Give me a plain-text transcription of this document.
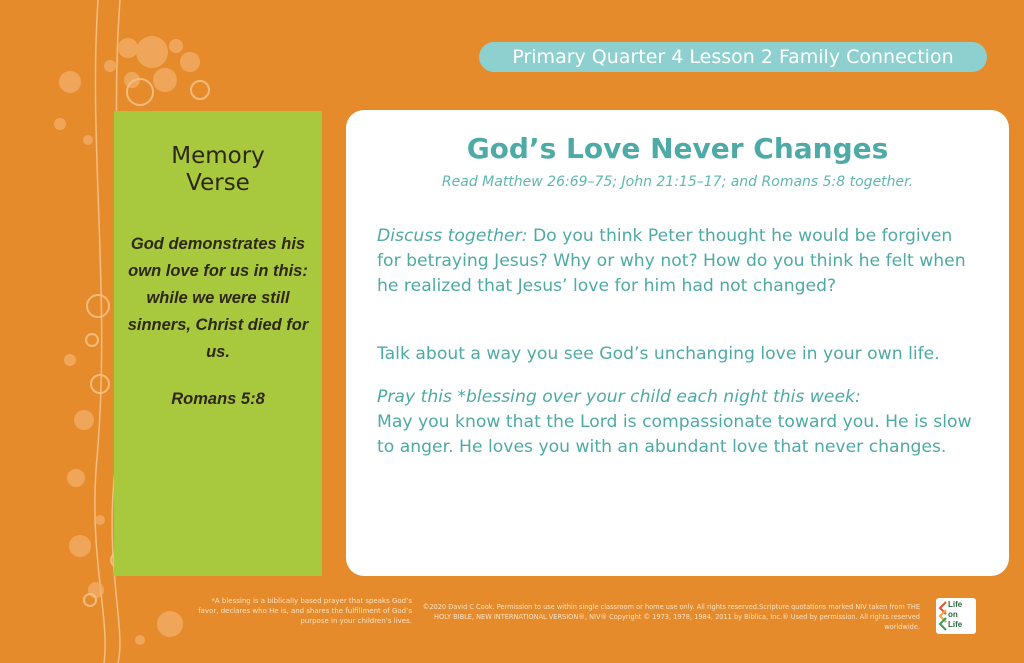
Primary Quarter 4 Lesson 2 Family Connection
Memory
Verse
God demonstrates his own love for us in this: while we were still sinners, Christ died for us.
Romans 5:8
God’s Love Never Changes
Read Matthew 26:69–75; John 21:15–17; and Romans 5:8 together.
Discuss together: Do you think Peter thought he would be forgiven for betraying Jesus? Why or why not? How do you think he felt when he realized that Jesus’ love for him had not changed?
Talk about a way you see God’s unchanging love in your own life.
Pray this *blessing over your child each night this week:
May you know that the Lord is compassionate toward you. He is slow to anger. He loves you with an abundant love that never changes.
*A blessing is a biblically based prayer that speaks God’s favor, declares who He is, and shares the fulfillment of God’s purpose in your children’s lives.
©2020 David C Cook. Permission to use within single classroom or home use only. All rights reserved.Scripture quotations marked NIV taken from THE HOLY BIBLE, NEW INTERNATIONAL VERSION®, NIV® Copyright © 1973, 1978, 1984, 2011 by Biblica, Inc.® Used by permission. All rights reserved worldwide.
Life
on
Life
